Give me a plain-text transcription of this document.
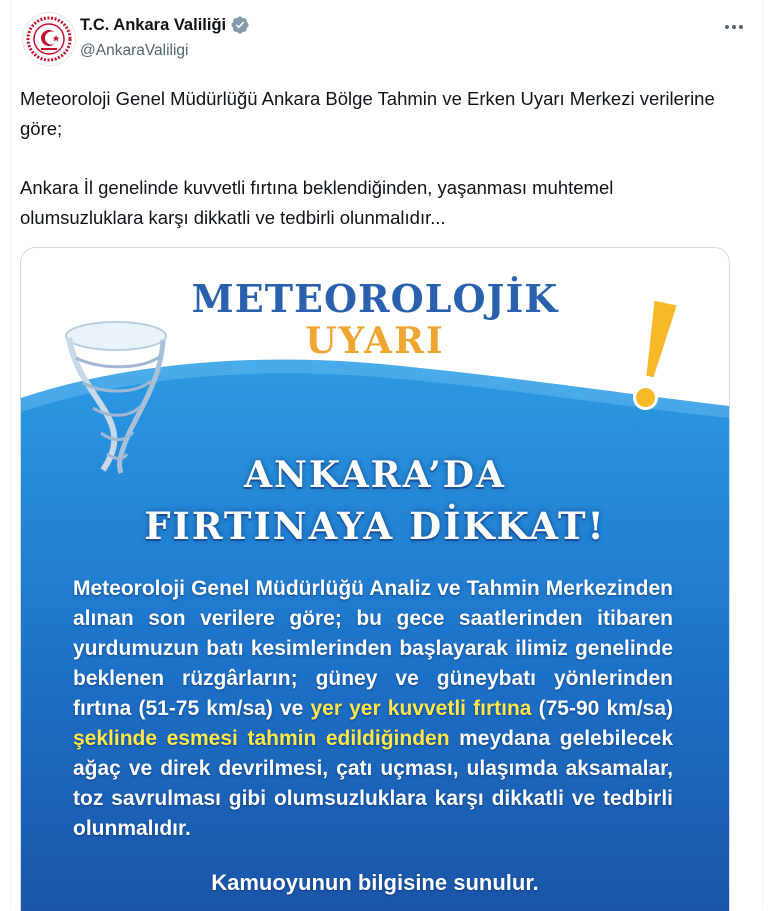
T.C. Ankara Valiliği
@AnkaraValiligi

Meteoroloji Genel Müdürlüğü Ankara Bölge Tahmin ve Erken Uyarı Merkezi verilerine göre;

Ankara İl genelinde kuvvetli fırtına beklendiğinden, yaşanması muhtemel olumsuzluklara karşı dikkatli ve tedbirli olunmalıdır...

METEOROLOJİK
UYARI
ANKARA’DA
FIRTINAYA DİKKAT!
Meteoroloji Genel Müdürlüğü Analiz ve Tahmin Merkezinden alınan son verilere göre; bu gece saatlerinden itibaren yurdumuzun batı kesimlerinden başlayarak ilimiz genelinde beklenen rüzgârların; güney ve güneybatı yönlerinden fırtına (51-75 km/sa) ve yer yer kuvvetli fırtına (75-90 km/sa) şeklinde esmesi tahmin edildiğinden meydana gelebilecek ağaç ve direk devrilmesi, çatı uçması, ulaşımda aksamalar, toz savrulması gibi olumsuzluklara karşı dikkatli ve tedbirli olunmalıdır.
Kamuoyunun bilgisine sunulur.
